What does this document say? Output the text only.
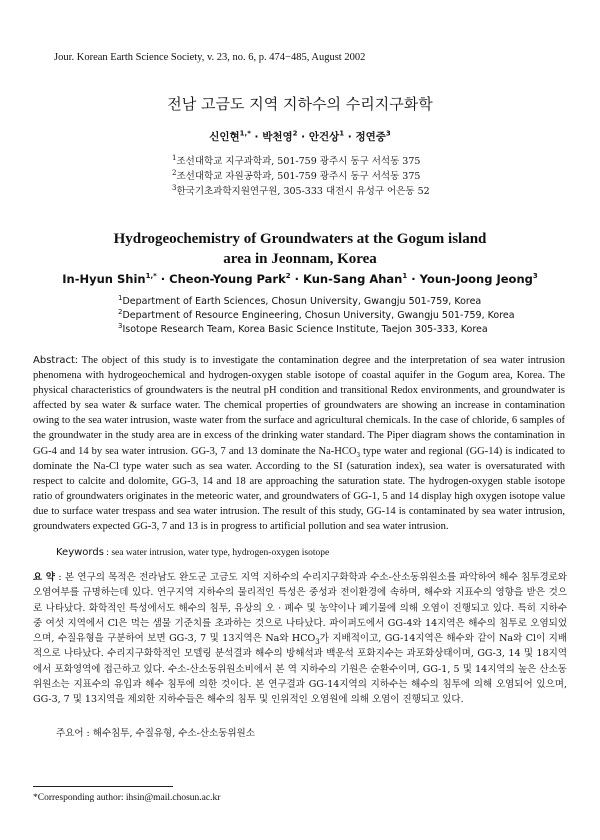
Jour. Korean Earth Science Society, v. 23, no. 6, p. 474−485, August 2002
전남 고금도 지역 지하수의 수리지구화학
신인현$^{1,*}$ · 박천영$^2$ · 안건상$^1$ · 정연중$^3$
$^1$조선대학교 지구과학과, 501-759 광주시 동구 서석동 375
$^2$조선대학교 자원공학과, 501-759 광주시 동구 서석동 375
$^3$한국기초과학지원연구원, 305-333 대전시 유성구 어은동 52
Hydrogeochemistry of Groundwaters at the Gogum island
area in Jeonnam, Korea
In-Hyun Shin$^{1,*}$ · Cheon-Young Park$^2$ · Kun-Sang Ahan$^1$ · Youn-Joong Jeong$^3$
$^1$Department of Earth Sciences, Chosun University, Gwangju 501-759, Korea
$^2$Department of Resource Engineering, Chosun University, Gwangju 501-759, Korea
$^3$Isotope Research Team, Korea Basic Science Institute, Taejon 305-333, Korea
Abstract: The object of this study is to investigate the contamination degree and the interpretation of sea water intrusion phenomena with hydrogeochemical and hydrogen-oxygen stable isotope of coastal aquifer in the Gogum area, Korea. The physical characteristics of groundwaters is the neutral pH condition and transitional Redox environments, and groundwater is affected by sea water & surface water. The chemical properties of groundwaters are showing an increase in contamination owing to the sea water intrusion, waste water from the surface and agricultural chemicals. In the case of chloride, 6 samples of the groundwater in the study area are in excess of the drinking water standard. The Piper diagram shows the contamination in GG-4 and 14 by sea water intrusion. GG-3, 7 and 13 dominate the $Na-HCO_3$ type water and regional (GG-14) is indicated to dominate the Na-Cl type water such as sea water. According to the SI (saturation index), sea water is oversaturated with respect to calcite and dolomite, GG-3, 14 and 18 are approaching the saturation state. The hydrogen-oxygen stable isotope ratio of groundwaters originates in the meteoric water, and groundwaters of GG-1, 5 and 14 display high oxygen isotope value due to surface water trespass and sea water intrusion. The result of this study, GG-14 is contaminated by sea water intrusion, groundwaters expected GG-3, 7 and 13 is in progress to artificial pollution and sea water intrusion.
Keywords : sea water intrusion, water type, hydrogen-oxygen isotope
요 약 : 본 연구의 목적은 전라남도 완도군 고금도 지역 지하수의 수리지구화학과 수소-산소동위원소를 파악하여 해수 침투경로와 오염여부를 규명하는데 있다. 연구지역 지하수의 물리적인 특성은 중성과 전이환경에 속하며, 해수와 지표수의 영향을 받은 것으로 나타났다. 화학적인 특성에서도 해수의 침투, 유상의 오 · 폐수 및 농약이나 폐기물에 의해 오염이 진행되고 있다. 특히 지하수 중 여섯 지역에서 Cl은 먹는 샘물 기준치를 초과하는 것으로 나타났다. 파이퍼도에서 GG-4와 14지역은 해수의 침투로 오염되었으며, 수질유형을 구분하여 보면 GG-3, 7 및 13지역은 Na와 $HCO_3$가 지배적이고, GG-14지역은 해수와 같이 Na와 Cl이 지배적으로 나타났다. 수리지구화학적인 모델링 분석결과 해수의 방해석과 백운석 포화지수는 과포화상태이며, GG-3, 14 및 18지역에서 포화영역에 접근하고 있다. 수소-산소동위원소비에서 본 역 지하수의 기원은 순환수이며, GG-1, 5 및 14지역의 높은 산소동위원소는 지표수의 유입과 해수 침투에 의한 것이다. 본 연구결과 GG-14지역의 지하수는 해수의 침투에 의해 오염되어 있으며, GG-3, 7 및 13지역을 제외한 지하수들은 해수의 침투 및 인위적인 오염원에 의해 오염이 진행되고 있다.
주요어 : 해수침투, 수질유형, 수소-산소동위원소
*Corresponding author: ihsin@mail.chosun.ac.kr
